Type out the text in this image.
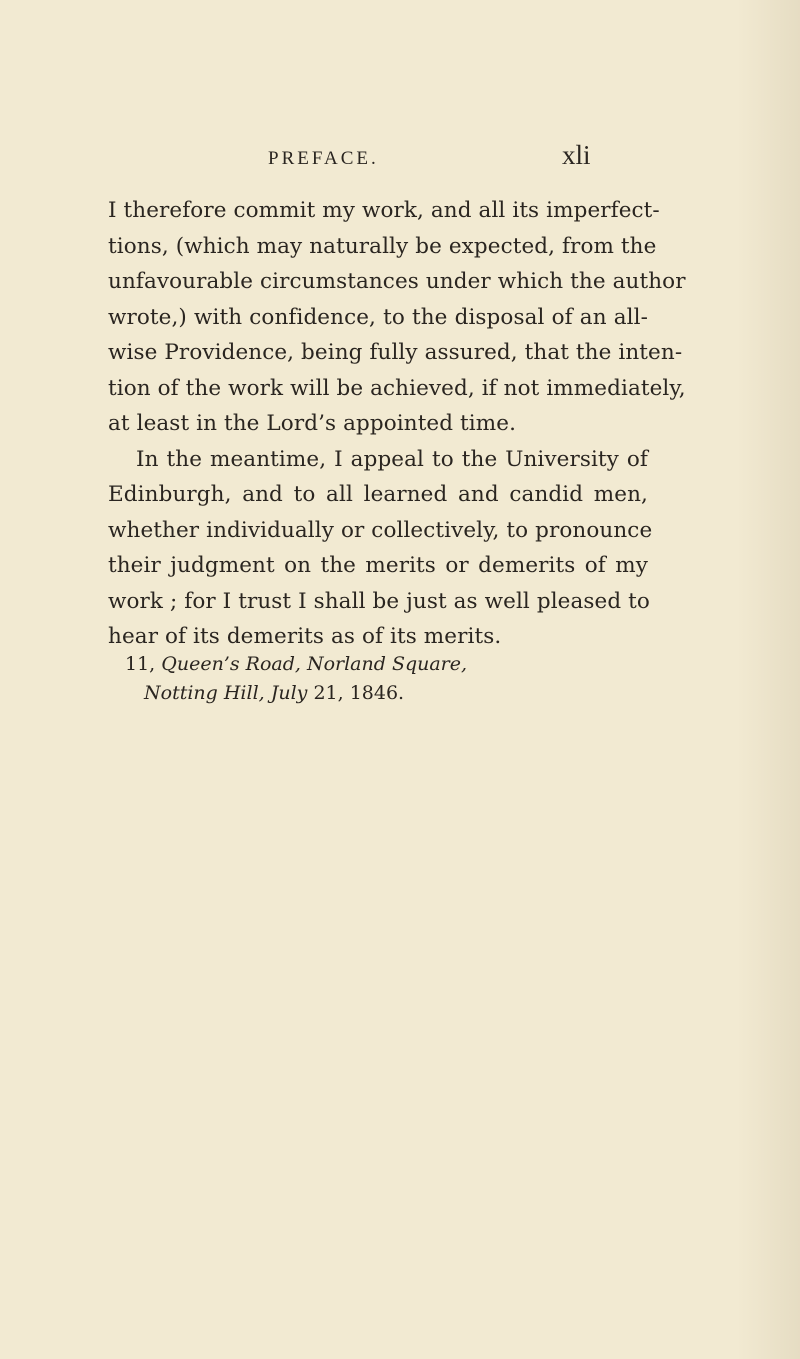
PREFACE.	xli
I therefore commit my work, and all its imperfect-
tions, (which may naturally be expected, from the
unfavourable circumstances under which the author
wrote,) with confidence, to the disposal of an all-
wise Providence, being fully assured, that the inten-
tion of the work will be achieved, if not immediately,
at least in the Lord’s appointed time.
In the meantime, I appeal to the University of
Edinburgh, and to all learned and candid men,
whether individually or collectively, to pronounce
their judgment on the merits or demerits of my
work ; for I trust I shall be just as well pleased to
hear of its demerits as of its merits.
11, Queen’s Road, Norland Square,
Notting Hill, July 21, 1846.
